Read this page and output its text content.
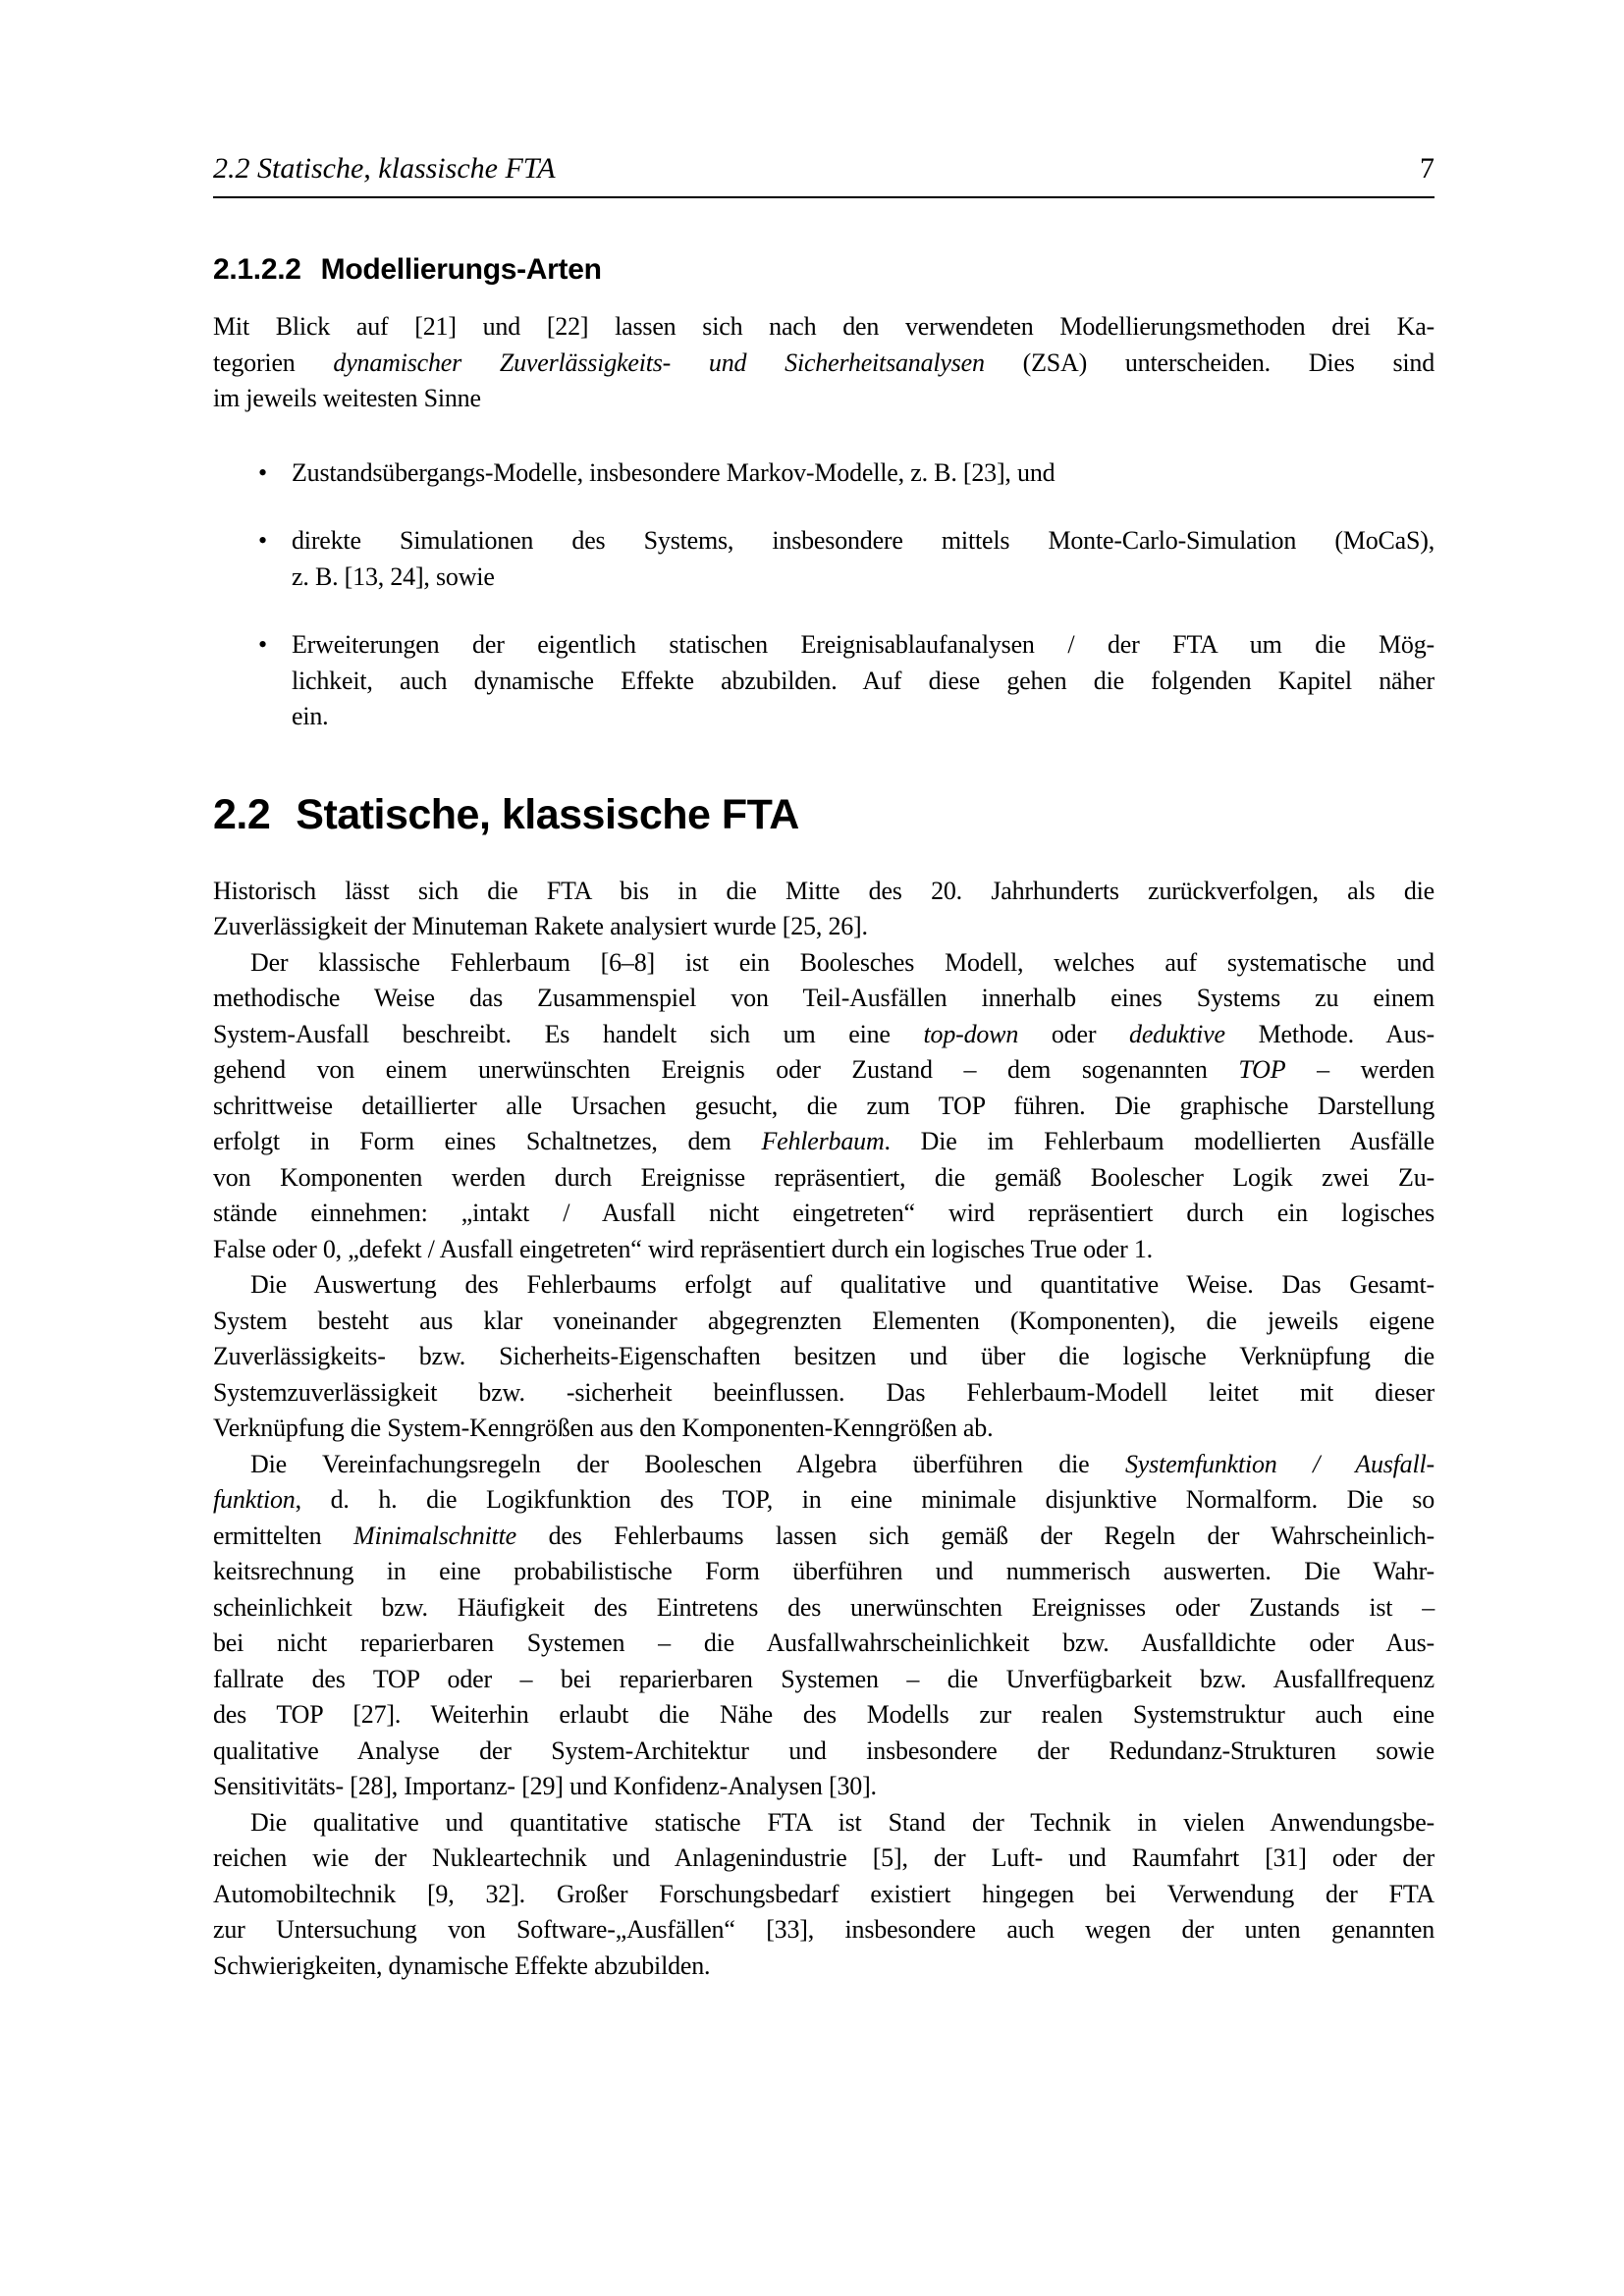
2.2 Statische, klassische FTA	7
2.1.2.2 Modellierungs-Arten
Mit Blick auf [21] und [22] lassen sich nach den verwendeten Modellierungsmethoden drei Ka-
tegorien dynamischer Zuverlässigkeits- und Sicherheitsanalysen (ZSA) unterscheiden. Dies sind
im jeweils weitesten Sinne
• Zustandsübergangs-Modelle, insbesondere Markov-Modelle, z. B. [23], und
• direkte Simulationen des Systems, insbesondere mittels Monte-Carlo-Simulation (MoCaS),
z. B. [13, 24], sowie
• Erweiterungen der eigentlich statischen Ereignisablaufanalysen / der FTA um die Mög-
lichkeit, auch dynamische Effekte abzubilden. Auf diese gehen die folgenden Kapitel näher
ein.
2.2 Statische, klassische FTA
Historisch lässt sich die FTA bis in die Mitte des 20. Jahrhunderts zurückverfolgen, als die
Zuverlässigkeit der Minuteman Rakete analysiert wurde [25, 26].
Der klassische Fehlerbaum [6–8] ist ein Boolesches Modell, welches auf systematische und
methodische Weise das Zusammenspiel von Teil-Ausfällen innerhalb eines Systems zu einem
System-Ausfall beschreibt. Es handelt sich um eine top-down oder deduktive Methode. Aus-
gehend von einem unerwünschten Ereignis oder Zustand – dem sogenannten TOP – werden
schrittweise detaillierter alle Ursachen gesucht, die zum TOP führen. Die graphische Darstellung
erfolgt in Form eines Schaltnetzes, dem Fehlerbaum. Die im Fehlerbaum modellierten Ausfälle
von Komponenten werden durch Ereignisse repräsentiert, die gemäß Boolescher Logik zwei Zu-
stände einnehmen: „intakt / Ausfall nicht eingetreten“ wird repräsentiert durch ein logisches
False oder 0, „defekt / Ausfall eingetreten“ wird repräsentiert durch ein logisches True oder 1.
Die Auswertung des Fehlerbaums erfolgt auf qualitative und quantitative Weise. Das Gesamt-
System besteht aus klar voneinander abgegrenzten Elementen (Komponenten), die jeweils eigene
Zuverlässigkeits- bzw. Sicherheits-Eigenschaften besitzen und über die logische Verknüpfung die
Systemzuverlässigkeit bzw. -sicherheit beeinflussen. Das Fehlerbaum-Modell leitet mit dieser
Verknüpfung die System-Kenngrößen aus den Komponenten-Kenngrößen ab.
Die Vereinfachungsregeln der Booleschen Algebra überführen die Systemfunktion / Ausfall-
funktion, d. h. die Logikfunktion des TOP, in eine minimale disjunktive Normalform. Die so
ermittelten Minimalschnitte des Fehlerbaums lassen sich gemäß der Regeln der Wahrscheinlich-
keitsrechnung in eine probabilistische Form überführen und nummerisch auswerten. Die Wahr-
scheinlichkeit bzw. Häufigkeit des Eintretens des unerwünschten Ereignisses oder Zustands ist –
bei nicht reparierbaren Systemen – die Ausfallwahrscheinlichkeit bzw. Ausfalldichte oder Aus-
fallrate des TOP oder – bei reparierbaren Systemen – die Unverfügbarkeit bzw. Ausfallfrequenz
des TOP [27]. Weiterhin erlaubt die Nähe des Modells zur realen Systemstruktur auch eine
qualitative Analyse der System-Architektur und insbesondere der Redundanz-Strukturen sowie
Sensitivitäts- [28], Importanz- [29] und Konfidenz-Analysen [30].
Die qualitative und quantitative statische FTA ist Stand der Technik in vielen Anwendungsbe-
reichen wie der Nukleartechnik und Anlagenindustrie [5], der Luft- und Raumfahrt [31] oder der
Automobiltechnik [9, 32]. Großer Forschungsbedarf existiert hingegen bei Verwendung der FTA
zur Untersuchung von Software-„Ausfällen“ [33], insbesondere auch wegen der unten genannten
Schwierigkeiten, dynamische Effekte abzubilden.
